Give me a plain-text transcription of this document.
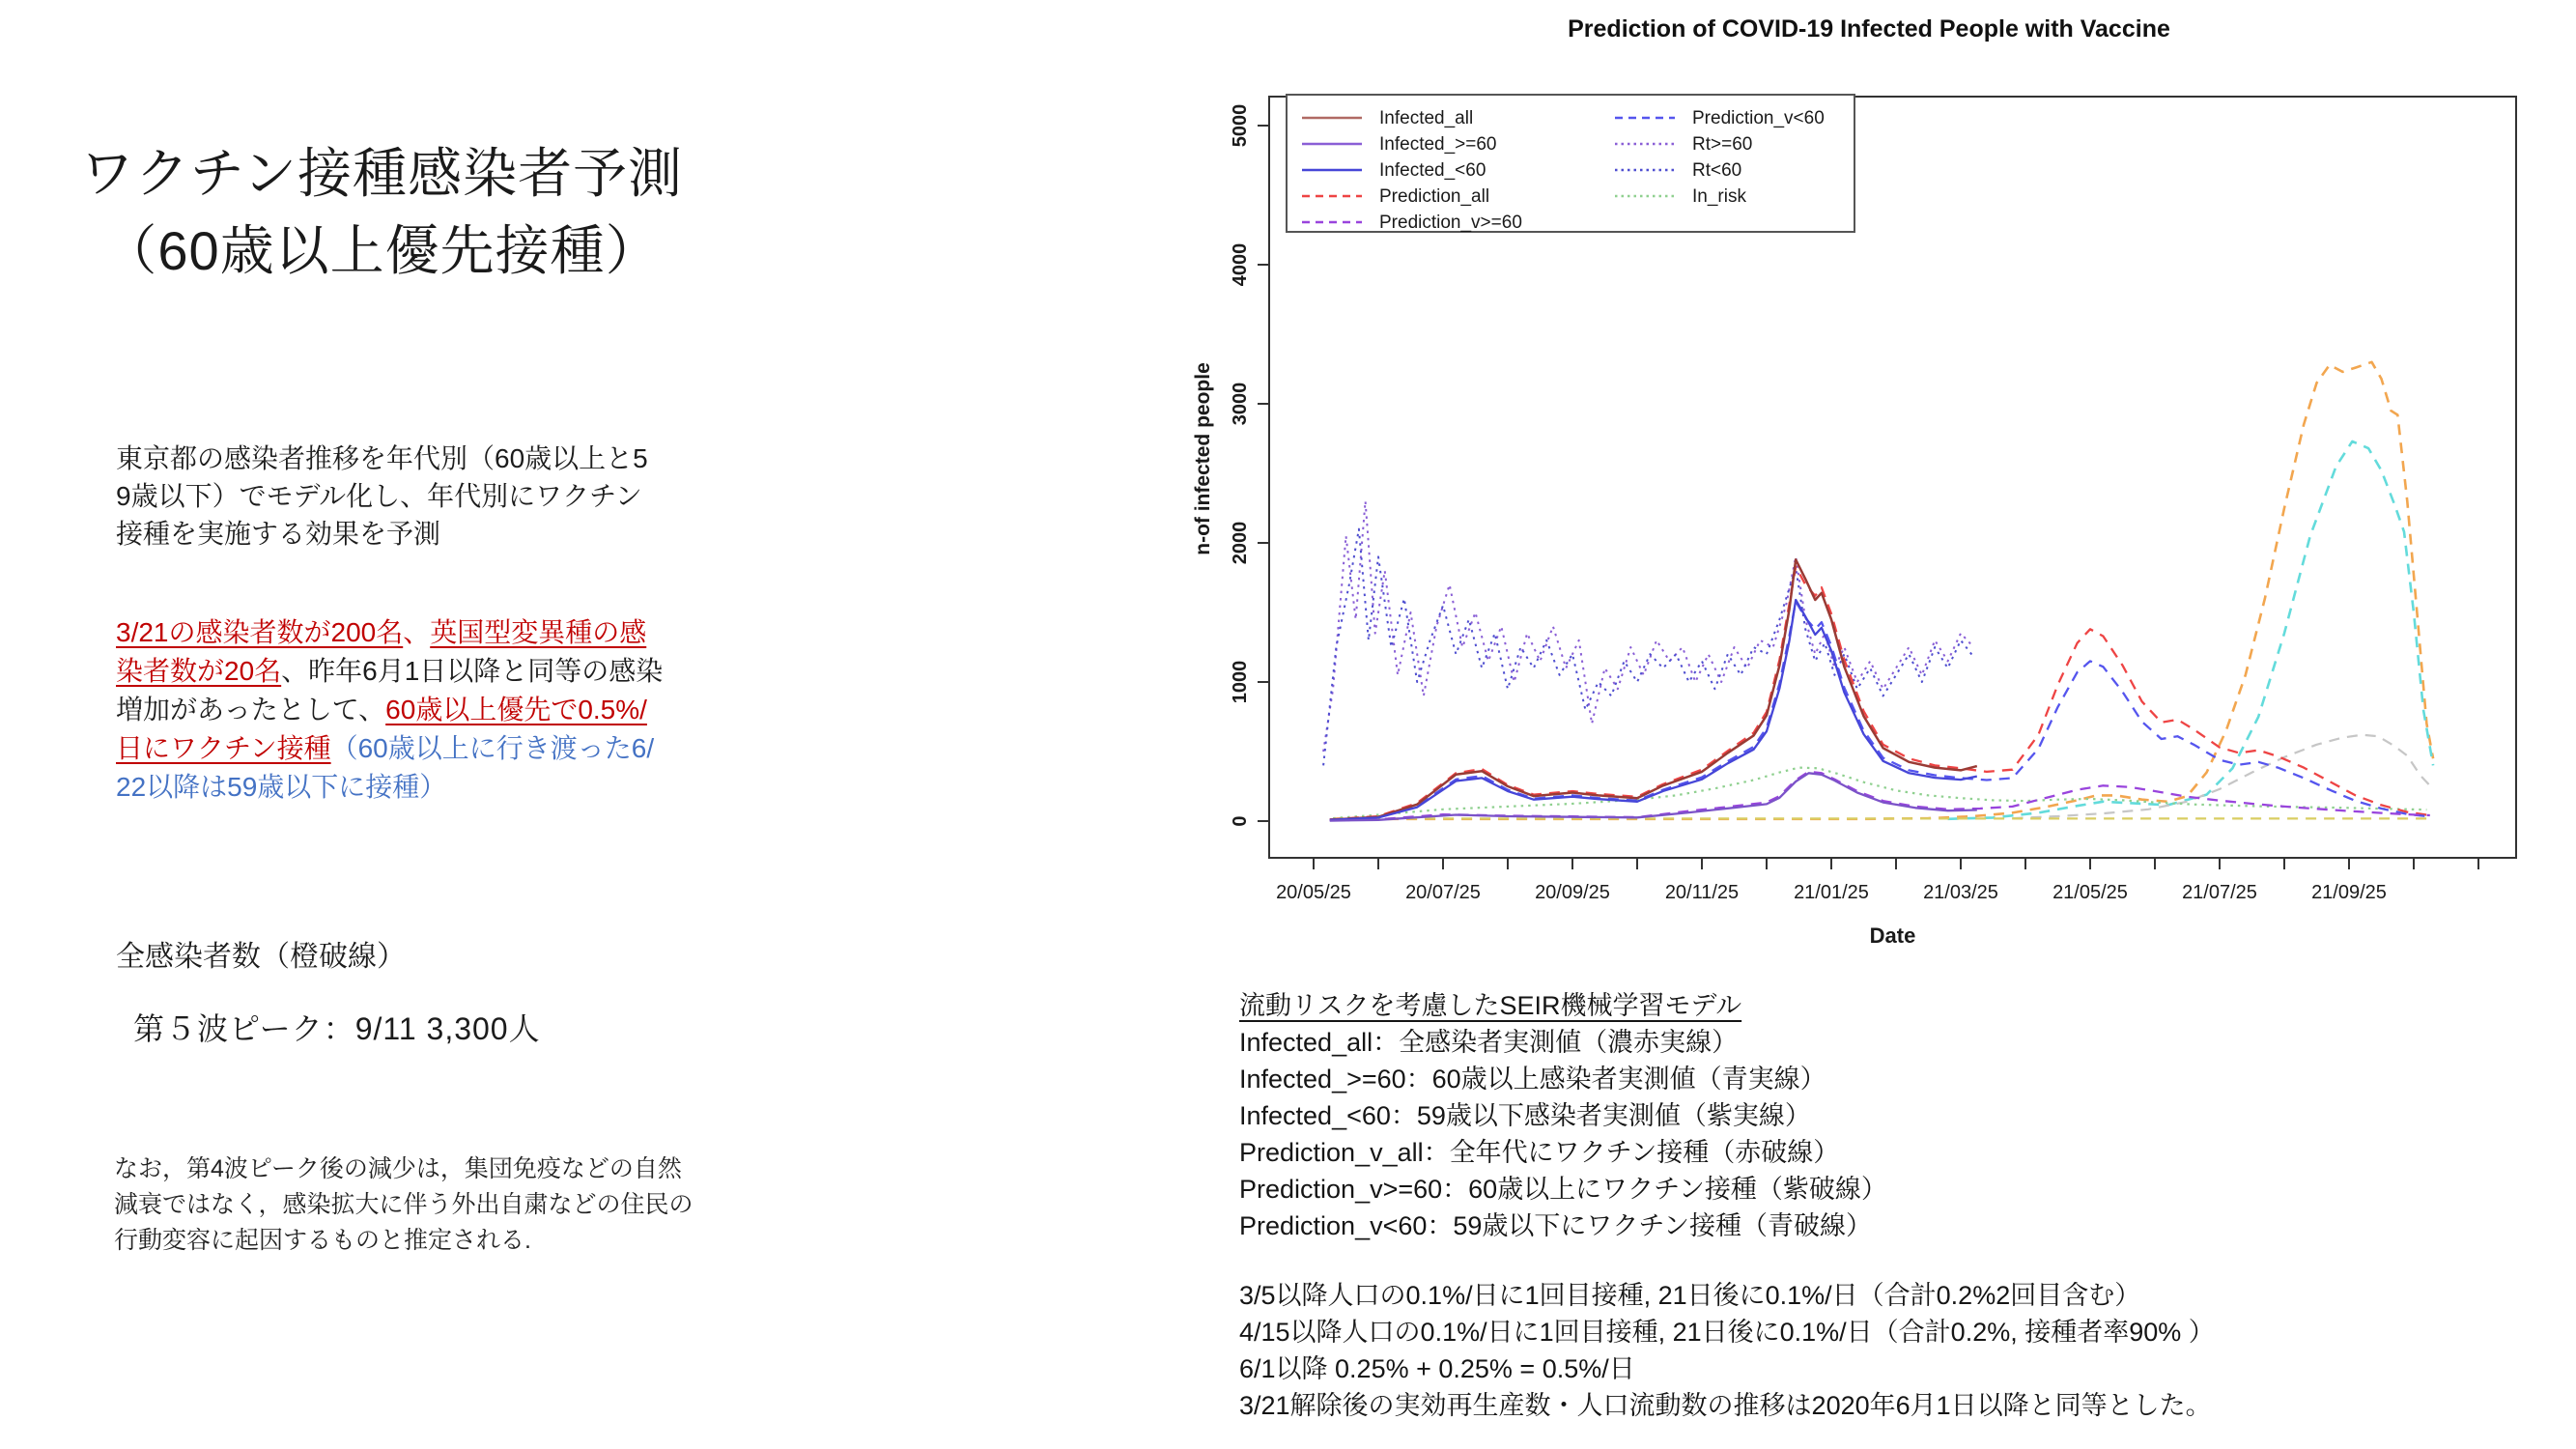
ワクチン接種感染者予測
（60歳以上優先接種）
東京都の感染者推移を年代別（60歳以上と59歳以下）でモデル化し、年代別にワクチン接種を実施する効果を予測
3/21の感染者数が200名、英国型変異種の感染者数が20名、昨年6月1日以降と同等の感染増加があったとして、60歳以上優先で0.5%/日にワクチン接種（60歳以上に行き渡った6/22以降は59歳以下に接種）
全感染者数（橙破線）
第５波ピーク：9/11 3,300人
なお，第4波ピーク後の減少は，集団免疫などの自然減衰ではなく，感染拡大に伴う外出自粛などの住民の行動変容に起因するものと推定される.
Prediction of COVID-19 Infected People with Vaccine
0
1000
2000
3000
4000
5000
20/05/25	20/07/25	20/09/25	20/11/25	21/01/25	21/03/25	21/05/25	21/07/25	21/09/25
Date
n-of infected people
Infected_all
Infected_>=60
Infected_<60
Prediction_all
Prediction_v>=60
Prediction_v<60
Rt>=60
Rt<60
In_risk
流動リスクを考慮したSEIR機械学習モデル
Infected_all：全感染者実測値（濃赤実線）
Infected_>=60：60歳以上感染者実測値（青実線）
Infected_<60：59歳以下感染者実測値（紫実線）
Prediction_v_all：全年代にワクチン接種（赤破線）
Prediction_v>=60：60歳以上にワクチン接種（紫破線）
Prediction_v<60：59歳以下にワクチン接種（青破線）
3/5以降人口の0.1%/日に1回目接種, 21日後に0.1%/日（合計0.2%2回目含む）
4/15以降人口の0.1%/日に1回目接種, 21日後に0.1%/日（合計0.2%, 接種者率90% ）
6/1以降 0.25% + 0.25% = 0.5%/日
3/21解除後の実効再生産数・人口流動数の推移は2020年6月1日以降と同等とした。
